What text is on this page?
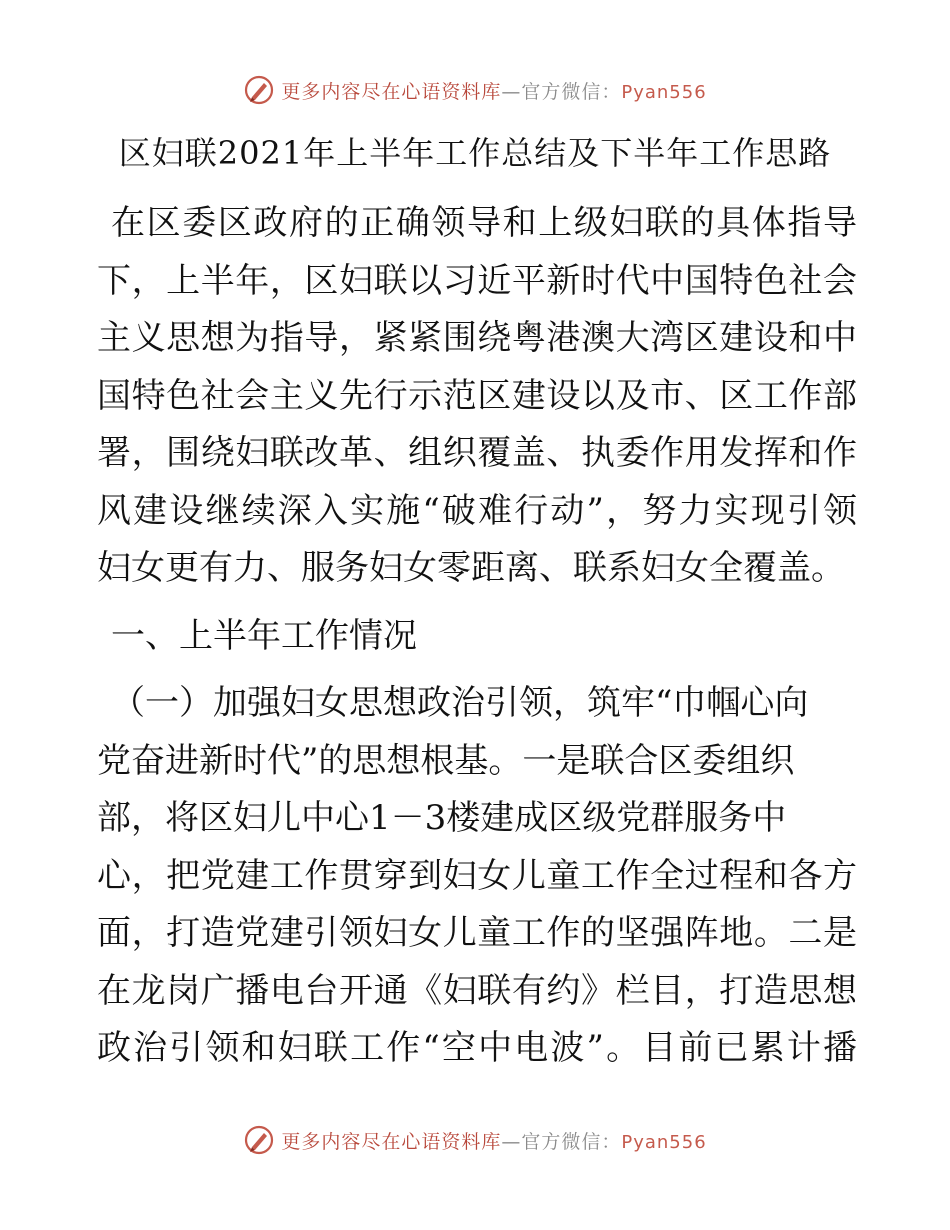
更多内容尽在心语资料库—官方微信：Pyan556
区妇联2021年上半年工作总结及下半年工作思路
在区委区政府的正确领导和上级妇联的具体指导
下，上半年，区妇联以习近平新时代中国特色社会
主义思想为指导，紧紧围绕粤港澳大湾区建设和中
国特色社会主义先行示范区建设以及市、区工作部
署，围绕妇联改革、组织覆盖、执委作用发挥和作
风建设继续深入实施“破难行动”，努力实现引领
妇女更有力、服务妇女零距离、联系妇女全覆盖。
一、上半年工作情况
（一）加强妇女思想政治引领，筑牢“巾帼心向
党奋进新时代”的思想根基。一是联合区委组织
部，将区妇儿中心1－3楼建成区级党群服务中
心，把党建工作贯穿到妇女儿童工作全过程和各方
面，打造党建引领妇女儿童工作的坚强阵地。二是
在龙岗广播电台开通《妇联有约》栏目，打造思想
政治引领和妇联工作“空中电波”。目前已累计播
更多内容尽在心语资料库—官方微信：Pyan556
